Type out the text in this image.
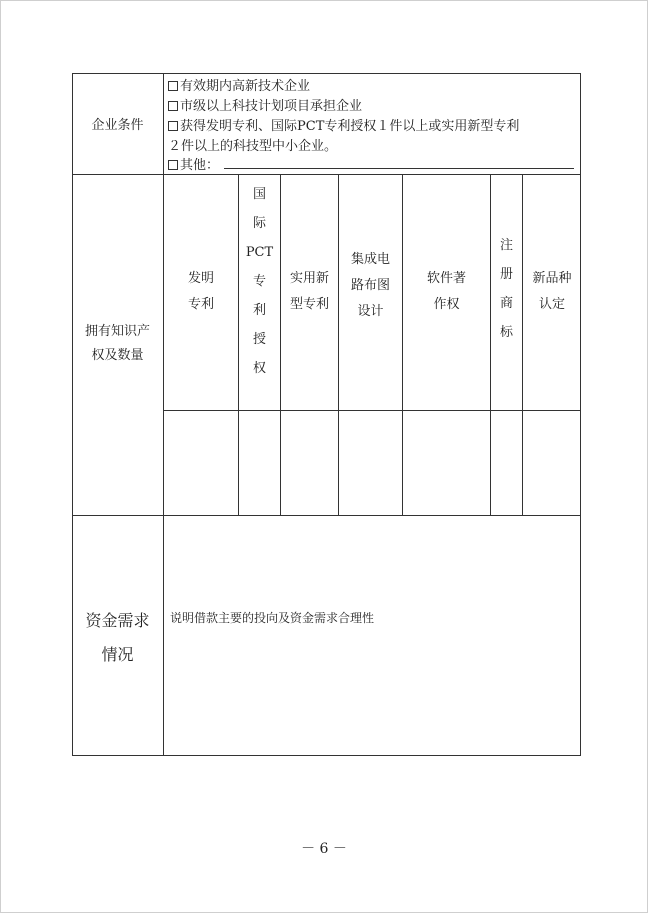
企业条件
有效期内高新技术企业
市级以上科技计划项目承担企业
获得发明专利、国际PCT专利授权１件以上或实用新型专利
２件以上的科技型中小企业。
其他：
拥有知识产
权及数量
发明
专利
国
际
PCT
专
利
授
权
实用新
型专利
集成电
路布图
设计
软件著
作权
注
册
商
标
新品种
认定
资金需求
情况
说明借款主要的投向及资金需求合理性
－ 6 －
